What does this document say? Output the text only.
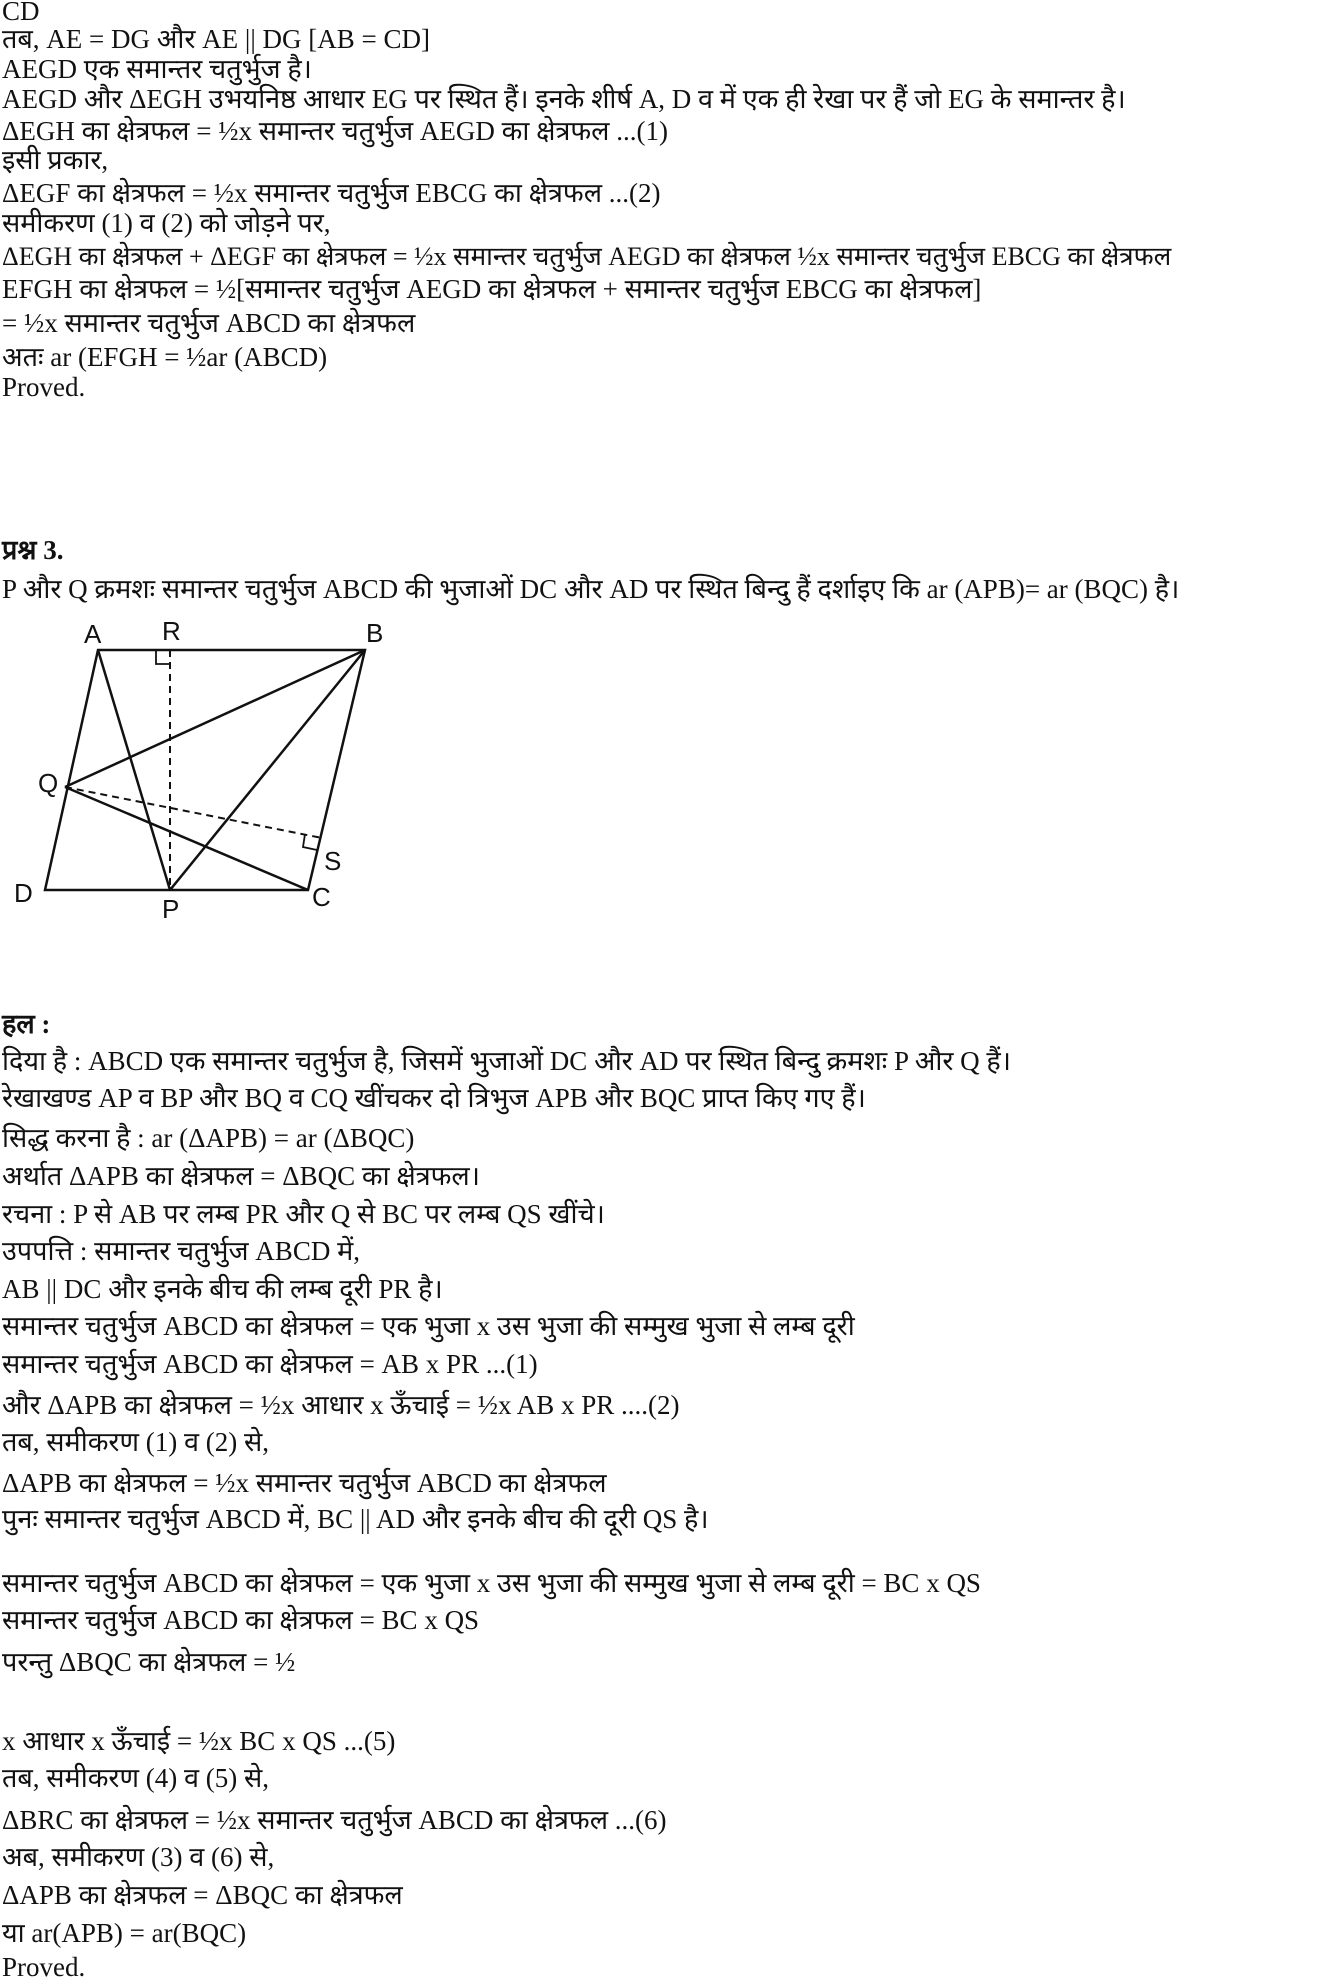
CD
तब, AE = DG और AE || DG [AB = CD]
AEGD एक समान्तर चतुर्भुज है।
AEGD और ΔEGH उभयनिष्ठ आधार EG पर स्थित हैं। इनके शीर्ष A, D व में एक ही रेखा पर हैं जो EG के समान्तर है।
ΔEGH का क्षेत्रफल = ½x समान्तर चतुर्भुज AEGD का क्षेत्रफल ...(1)
इसी प्रकार,
ΔEGF का क्षेत्रफल = ½x समान्तर चतुर्भुज EBCG का क्षेत्रफल ...(2)
समीकरण (1) व (2) को जोड़ने पर,
ΔEGH का क्षेत्रफल + ΔEGF का क्षेत्रफल = ½x समान्तर चतुर्भुज AEGD का क्षेत्रफल ½x समान्तर चतुर्भुज EBCG का क्षेत्रफल
EFGH का क्षेत्रफल = ½[समान्तर चतुर्भुज AEGD का क्षेत्रफल + समान्तर चतुर्भुज EBCG का क्षेत्रफल]
= ½x समान्तर चतुर्भुज ABCD का क्षेत्रफल
अतः ar (EFGH = ½ar (ABCD)
Proved.
प्रश्न 3.
P और Q क्रमशः समान्तर चतुर्भुज ABCD की भुजाओं DC और AD पर स्थित बिन्दु हैं दर्शाइए कि ar (APB)= ar (BQC) है।
A R	B
Q
S
D
P	C
हल :
दिया है : ABCD एक समान्तर चतुर्भुज है, जिसमें भुजाओं DC और AD पर स्थित बिन्दु क्रमशः P और Q हैं।
रेखाखण्ड AP व BP और BQ व CQ खींचकर दो त्रिभुज APB और BQC प्राप्त किए गए हैं।
सिद्ध करना है : ar (ΔAPB) = ar (ΔBQC)
अर्थात ΔAPB का क्षेत्रफल = ΔBQC का क्षेत्रफल।
रचना : P से AB पर लम्ब PR और Q से BC पर लम्ब QS खींचे।
उपपत्ति : समान्तर चतुर्भुज ABCD में,
AB || DC और इनके बीच की लम्ब दूरी PR है।
समान्तर चतुर्भुज ABCD का क्षेत्रफल = एक भुजा x उस भुजा की सम्मुख भुजा से लम्ब दूरी
समान्तर चतुर्भुज ABCD का क्षेत्रफल = AB x PR ...(1)
और ΔAPB का क्षेत्रफल = ½x आधार x ऊँचाई = ½x AB x PR ....(2)
तब, समीकरण (1) व (2) से,
ΔAPB का क्षेत्रफल = ½x समान्तर चतुर्भुज ABCD का क्षेत्रफल
पुनः समान्तर चतुर्भुज ABCD में, BC || AD और इनके बीच की दूरी QS है।
समान्तर चतुर्भुज ABCD का क्षेत्रफल = एक भुजा x उस भुजा की सम्मुख भुजा से लम्ब दूरी = BC x QS
समान्तर चतुर्भुज ABCD का क्षेत्रफल = BC x QS
परन्तु ΔBQC का क्षेत्रफल = ½
x आधार x ऊँचाई = ½x BC x QS ...(5)
तब, समीकरण (4) व (5) से,
ΔBRC का क्षेत्रफल = ½x समान्तर चतुर्भुज ABCD का क्षेत्रफल ...(6)
अब, समीकरण (3) व (6) से,
ΔAPB का क्षेत्रफल = ΔBQC का क्षेत्रफल
या ar(APB) = ar(BQC)
Proved.
